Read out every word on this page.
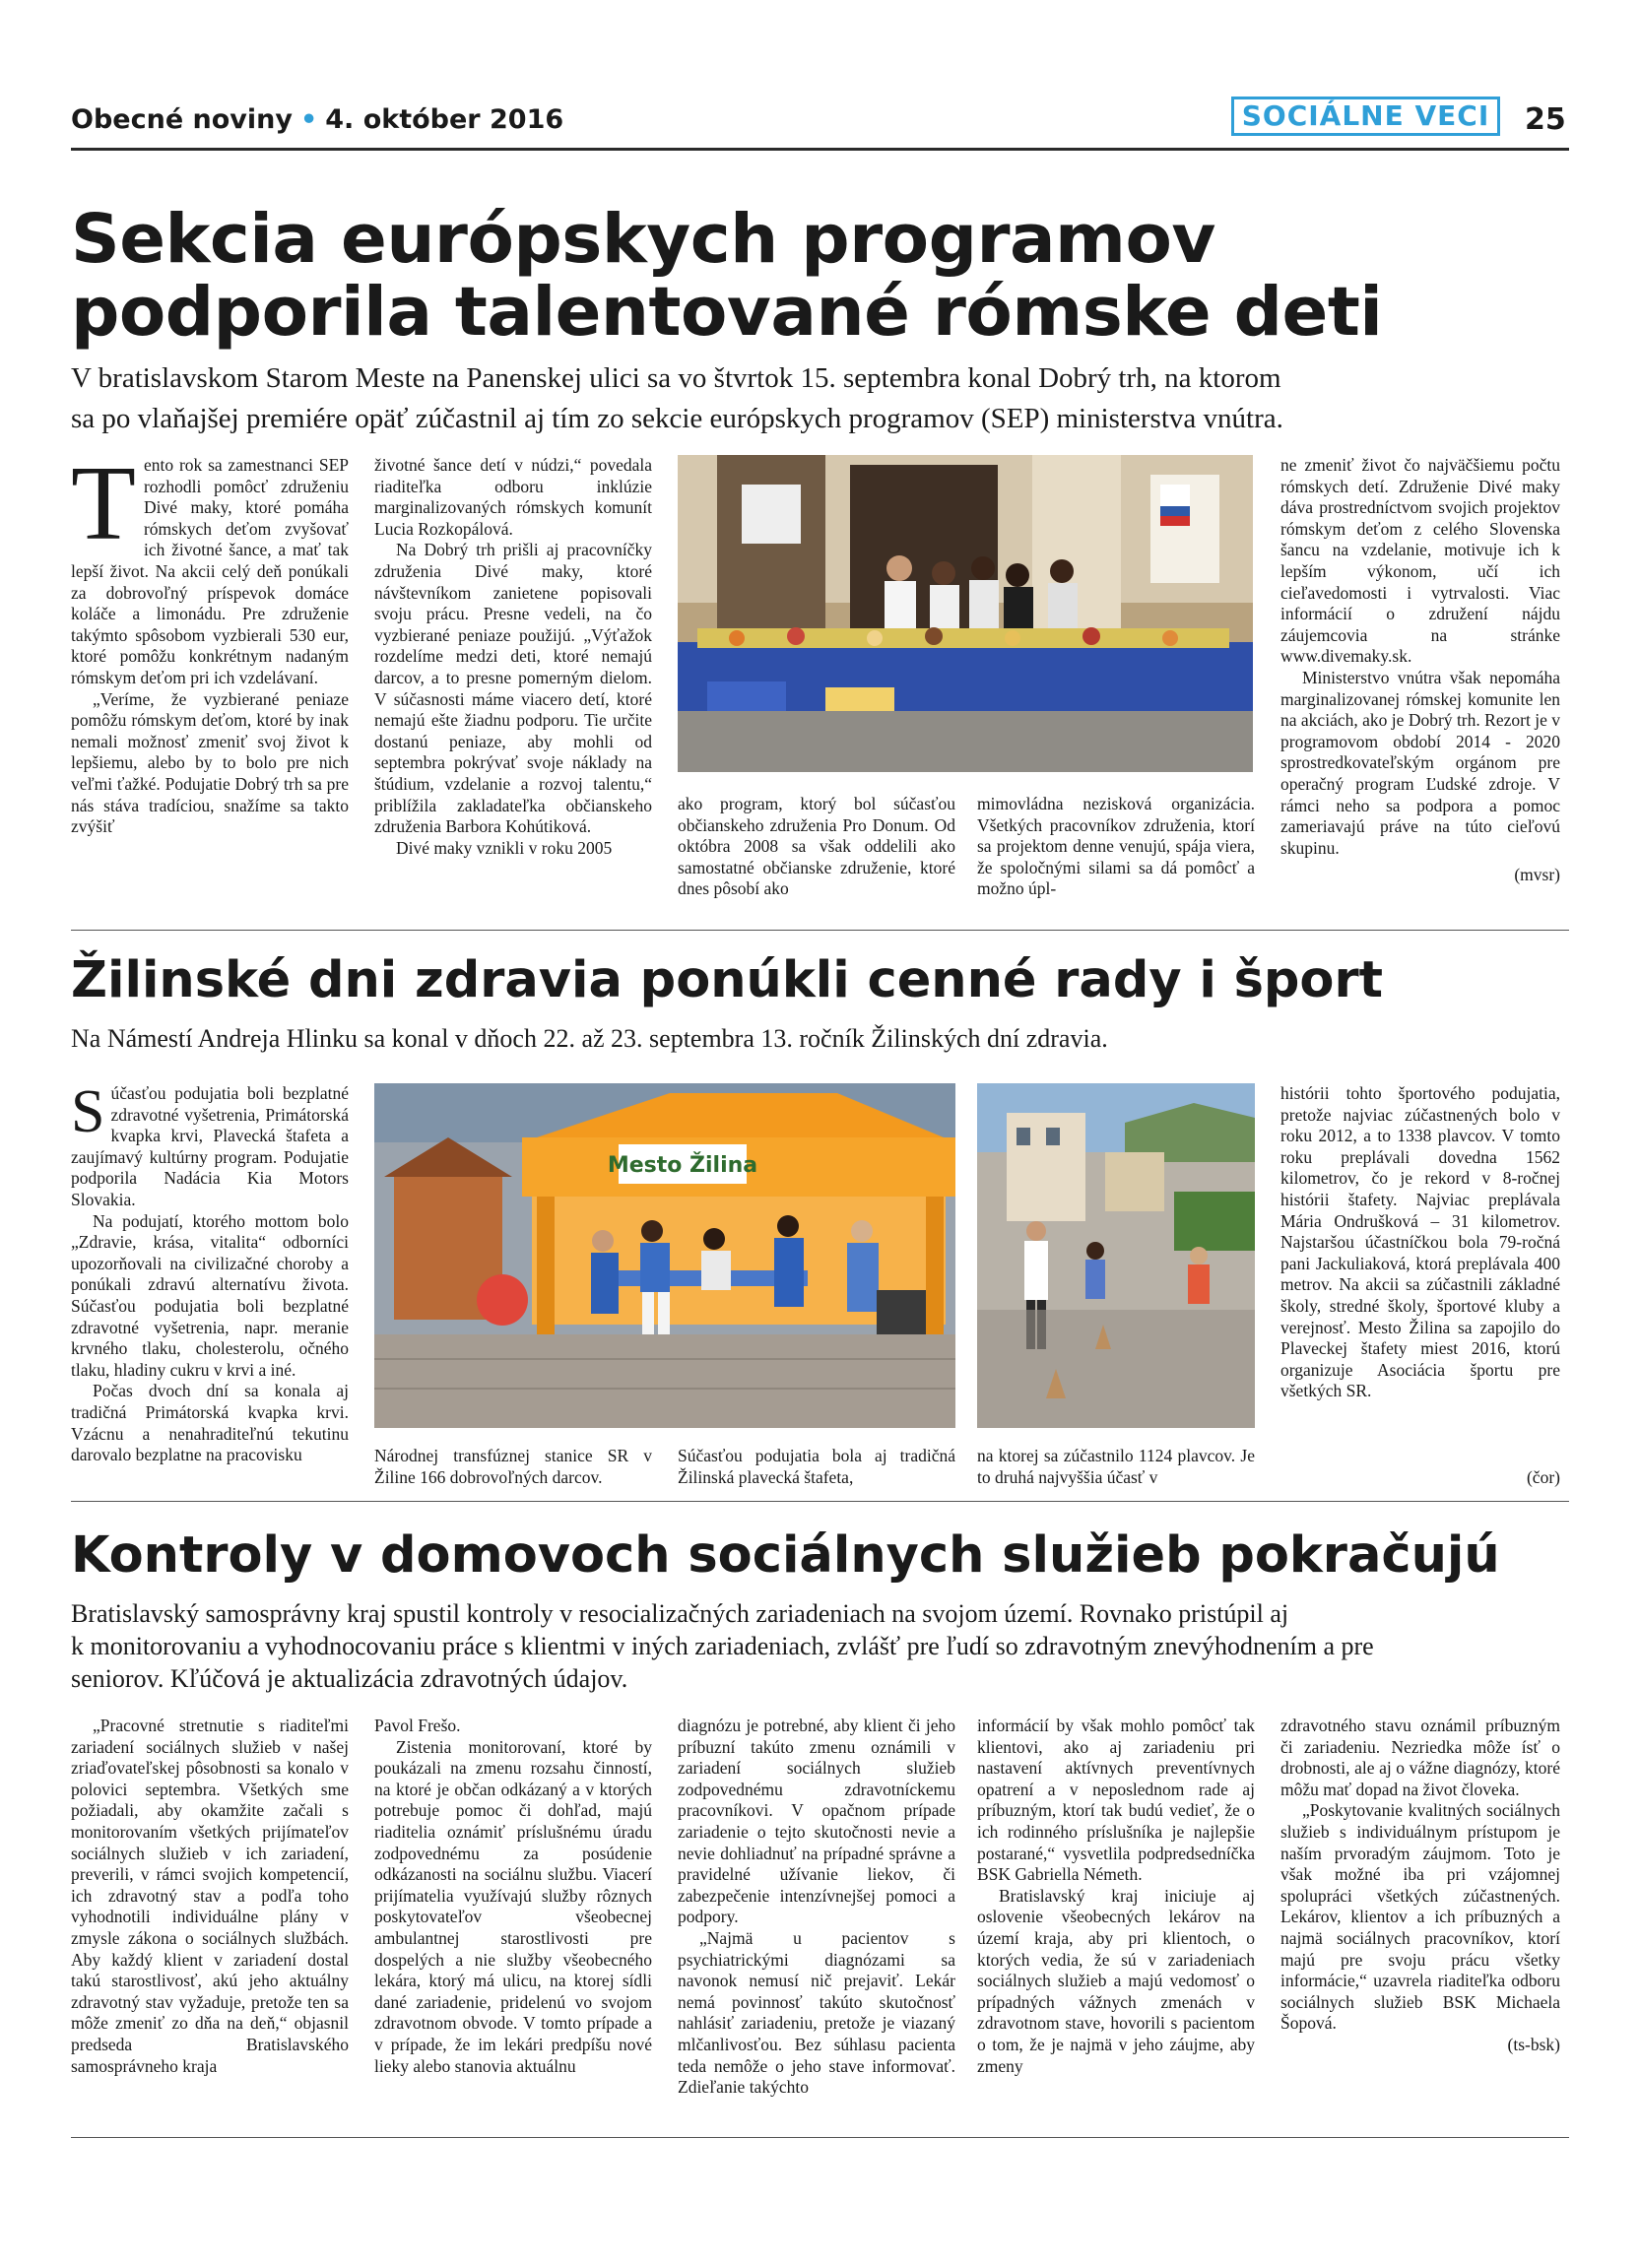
Obecné noviny • 4. október 2016	SOCIÁLNE VECI	25
Sekcia európskych programov
podporila talentované rómske deti
V bratislavskom Starom Meste na Panenskej ulici sa vo štvrtok 15. septembra konal Dobrý trh, na ktorom
sa po vlaňajšej premiére opäť zúčastnil aj tím zo sekcie európskych programov (SEP) ministerstva vnútra.

Tento rok sa zamestnanci SEP rozhodli pomôcť združeniu Divé maky, ktoré pomáha rómskych deťom zvyšovať ich životné šance, a mať tak lepší život. Na akcii celý deň ponúkali za dobrovoľný príspevok domáce koláče a limonádu. Pre združenie takýmto spôsobom vyzbierali 530 eur, ktoré pomôžu konkrétnym nadaným rómskym deťom pri ich vzdelávaní.

„Veríme, že vyzbierané peniaze pomôžu rómskym deťom, ktoré by inak nemali možnosť zmeniť svoj život k lepšiemu, alebo by to bolo pre nich veľmi ťažké. Podujatie Dobrý trh sa pre nás stáva tradíciou, snažíme sa takto zvýšiť

životné šance detí v núdzi,“ povedala riaditeľka odboru inklúzie marginalizovaných rómskych komunít Lucia Rozkopálová.

Na Dobrý trh prišli aj pracovníčky združenia Divé maky, ktoré návštevníkom zanietene popisovali svoju prácu. Presne vedeli, na čo vyzbierané peniaze použijú. „Výťažok rozdelíme medzi deti, ktoré nemajú darcov, a to presne pomerným dielom. V súčasnosti máme viacero detí, ktoré nemajú ešte žiadnu podporu. Tie určite dostanú peniaze, aby mohli od septembra pokrývať svoje náklady na štúdium, vzdelanie a rozvoj talentu,“ priblížila zakladateľka občianskeho združenia Barbora Kohútiková.

Divé maky vznikli v roku 2005

ako program, ktorý bol súčasťou občianskeho združenia Pro Donum. Od októbra 2008 sa však oddelili ako samostatné občianske združenie, ktoré dnes pôsobí ako

mimovládna nezisková organizácia. Všetkých pracovníkov združenia, ktorí sa projektom denne venujú, spája viera, že spoločnými silami sa dá pomôcť a možno úpl-

ne zmeniť život čo najväčšiemu počtu rómskych detí. Združenie Divé maky dáva prostredníctvom svojich projektov rómskym deťom z celého Slovenska šancu na vzdelanie, motivuje ich k lepším výkonom, učí ich cieľavedomosti i vytrvalosti. Viac informácií o združení nájdu záujemcovia na stránke www.divemaky.sk.

Ministerstvo vnútra však nepomáha marginalizovanej rómskej komunite len na akciách, ako je Dobrý trh. Rezort je v programovom období 2014 - 2020 sprostredkovateľským orgánom pre operačný program Ľudské zdroje. V rámci neho sa podpora a pomoc zameriavajú práve na túto cieľovú skupinu.

(mvsr)

Žilinské dni zdravia ponúkli cenné rady i šport
Na Námestí Andreja Hlinku sa konal v dňoch 22. až 23. septembra 13. ročník Žilinských dní zdravia.

Súčasťou podujatia boli bezplatné zdravotné vyšetrenia, Primátorská kvapka krvi, Plavecká štafeta a zaujímavý kultúrny program. Podujatie podporila Nadácia Kia Motors Slovakia.

Na podujatí, ktorého mottom bolo „Zdravie, krása, vitalita“ odborníci upozorňovali na civilizačné choroby a ponúkali zdravú alternatívu života. Súčasťou podujatia boli bezplatné zdravotné vyšetrenia, napr. meranie krvného tlaku, cholesterolu, očného tlaku, hladiny cukru v krvi a iné.

Počas dvoch dní sa konala aj tradičná Primátorská kvapka krvi. Vzácnu a nenahraditeľnú tekutinu darovalo bezplatne na pracovisku

Mesto Žilina

Národnej transfúznej stanice SR v Žiline 166 dobrovoľných darcov.

Súčasťou podujatia bola aj tradičná Žilinská plavecká štafeta,

na ktorej sa zúčastnilo 1124 plavcov. Je to druhá najvyššia účasť v

histórii tohto športového podujatia, pretože najviac zúčastnených bolo v roku 2012, a to 1338 plavcov. V tomto roku preplávali dovedna 1562 kilometrov, čo je rekord v 8-ročnej histórii štafety. Najviac preplávala Mária Ondrušková – 31 kilometrov. Najstaršou účastníčkou bola 79-ročná pani Jackuliaková, ktorá preplávala 400 metrov. Na akcii sa zúčastnili základné školy, stredné školy, športové kluby a verejnosť. Mesto Žilina sa zapojilo do Plaveckej štafety miest 2016, ktorú organizuje Asociácia športu pre všetkých SR.

(čor)

Kontroly v domovoch sociálnych služieb pokračujú
Bratislavský samosprávny kraj spustil kontroly v resocializačných zariadeniach na svojom území. Rovnako pristúpil aj
k monitorovaniu a vyhodnocovaniu práce s klientmi v iných zariadeniach, zvlášť pre ľudí so zdravotným znevýhodnením a pre
seniorov. Kľúčová je aktualizácia zdravotných údajov.

„Pracovné stretnutie s riaditeľmi zariadení sociálnych služieb v našej zriaďovateľskej pôsobnosti sa konalo v polovici septembra. Všetkých sme požiadali, aby okamžite začali s monitorovaním všetkých prijímateľov sociálnych služieb v ich zariadení, preverili, v rámci svojich kompetencií, ich zdravotný stav a podľa toho vyhodnotili individuálne plány v zmysle zákona o sociálnych službách. Aby každý klient v zariadení dostal takú starostlivosť, akú jeho aktuálny zdravotný stav vyžaduje, pretože ten sa môže zmeniť zo dňa na deň,“ objasnil predseda Bratislavského samosprávneho kraja

Pavol Frešo.

Zistenia monitorovaní, ktoré by poukázali na zmenu rozsahu činností, na ktoré je občan odkázaný a v ktorých potrebuje pomoc či dohľad, majú riaditelia oznámiť príslušnému úradu zodpovednému za posúdenie odkázanosti na sociálnu službu. Viacerí prijímatelia využívajú služby rôznych poskytovateľov všeobecnej ambulantnej starostlivosti pre dospelých a nie služby všeobecného lekára, ktorý má ulicu, na ktorej sídli dané zariadenie, pridelenú vo svojom zdravotnom obvode. V tomto prípade a v prípade, že im lekári predpíšu nové lieky alebo stanovia aktuálnu

diagnózu je potrebné, aby klient či jeho príbuzní takúto zmenu oznámili v zariadení sociálnych služieb zodpovednému zdravotníckemu pracovníkovi. V opačnom prípade zariadenie o tejto skutočnosti nevie a nevie dohliadnuť na prípadné správne a pravidelné užívanie liekov, či zabezpečenie intenzívnejšej pomoci a podpory.

„Najmä u pacientov s psychiatrickými diagnózami sa navonok nemusí nič prejaviť. Lekár nemá povinnosť takúto skutočnosť nahlásiť zariadeniu, pretože je viazaný mlčanlivosťou. Bez súhlasu pacienta teda nemôže o jeho stave informovať. Zdieľanie takýchto

informácií by však mohlo pomôcť tak klientovi, ako aj zariadeniu pri nastavení aktívnych preventívnych opatrení a v neposlednom rade aj príbuzným, ktorí tak budú vedieť, že o ich rodinného príslušníka je najlepšie postarané,“ vysvetlila podpredsedníčka BSK Gabriella Németh.

Bratislavský kraj iniciuje aj oslovenie všeobecných lekárov na území kraja, aby pri klientoch, o ktorých vedia, že sú v zariadeniach sociálnych služieb a majú vedomosť o prípadných vážnych zmenách v zdravotnom stave, hovorili s pacientom o tom, že je najmä v jeho záujme, aby zmeny

zdravotného stavu oznámil príbuzným či zariadeniu. Nezriedka môže ísť o drobnosti, ale aj o vážne diagnózy, ktoré môžu mať dopad na život človeka.

„Poskytovanie kvalitných sociálnych služieb s individuálnym prístupom je naším prvoradým záujmom. Toto je však možné iba pri vzájomnej spolupráci všetkých zúčastnených. Lekárov, klientov a ich príbuzných a najmä sociálnych pracovníkov, ktorí majú pre svoju prácu všetky informácie,“ uzavrela riaditeľka odboru sociálnych služieb BSK Michaela Šopová.

(ts-bsk)
